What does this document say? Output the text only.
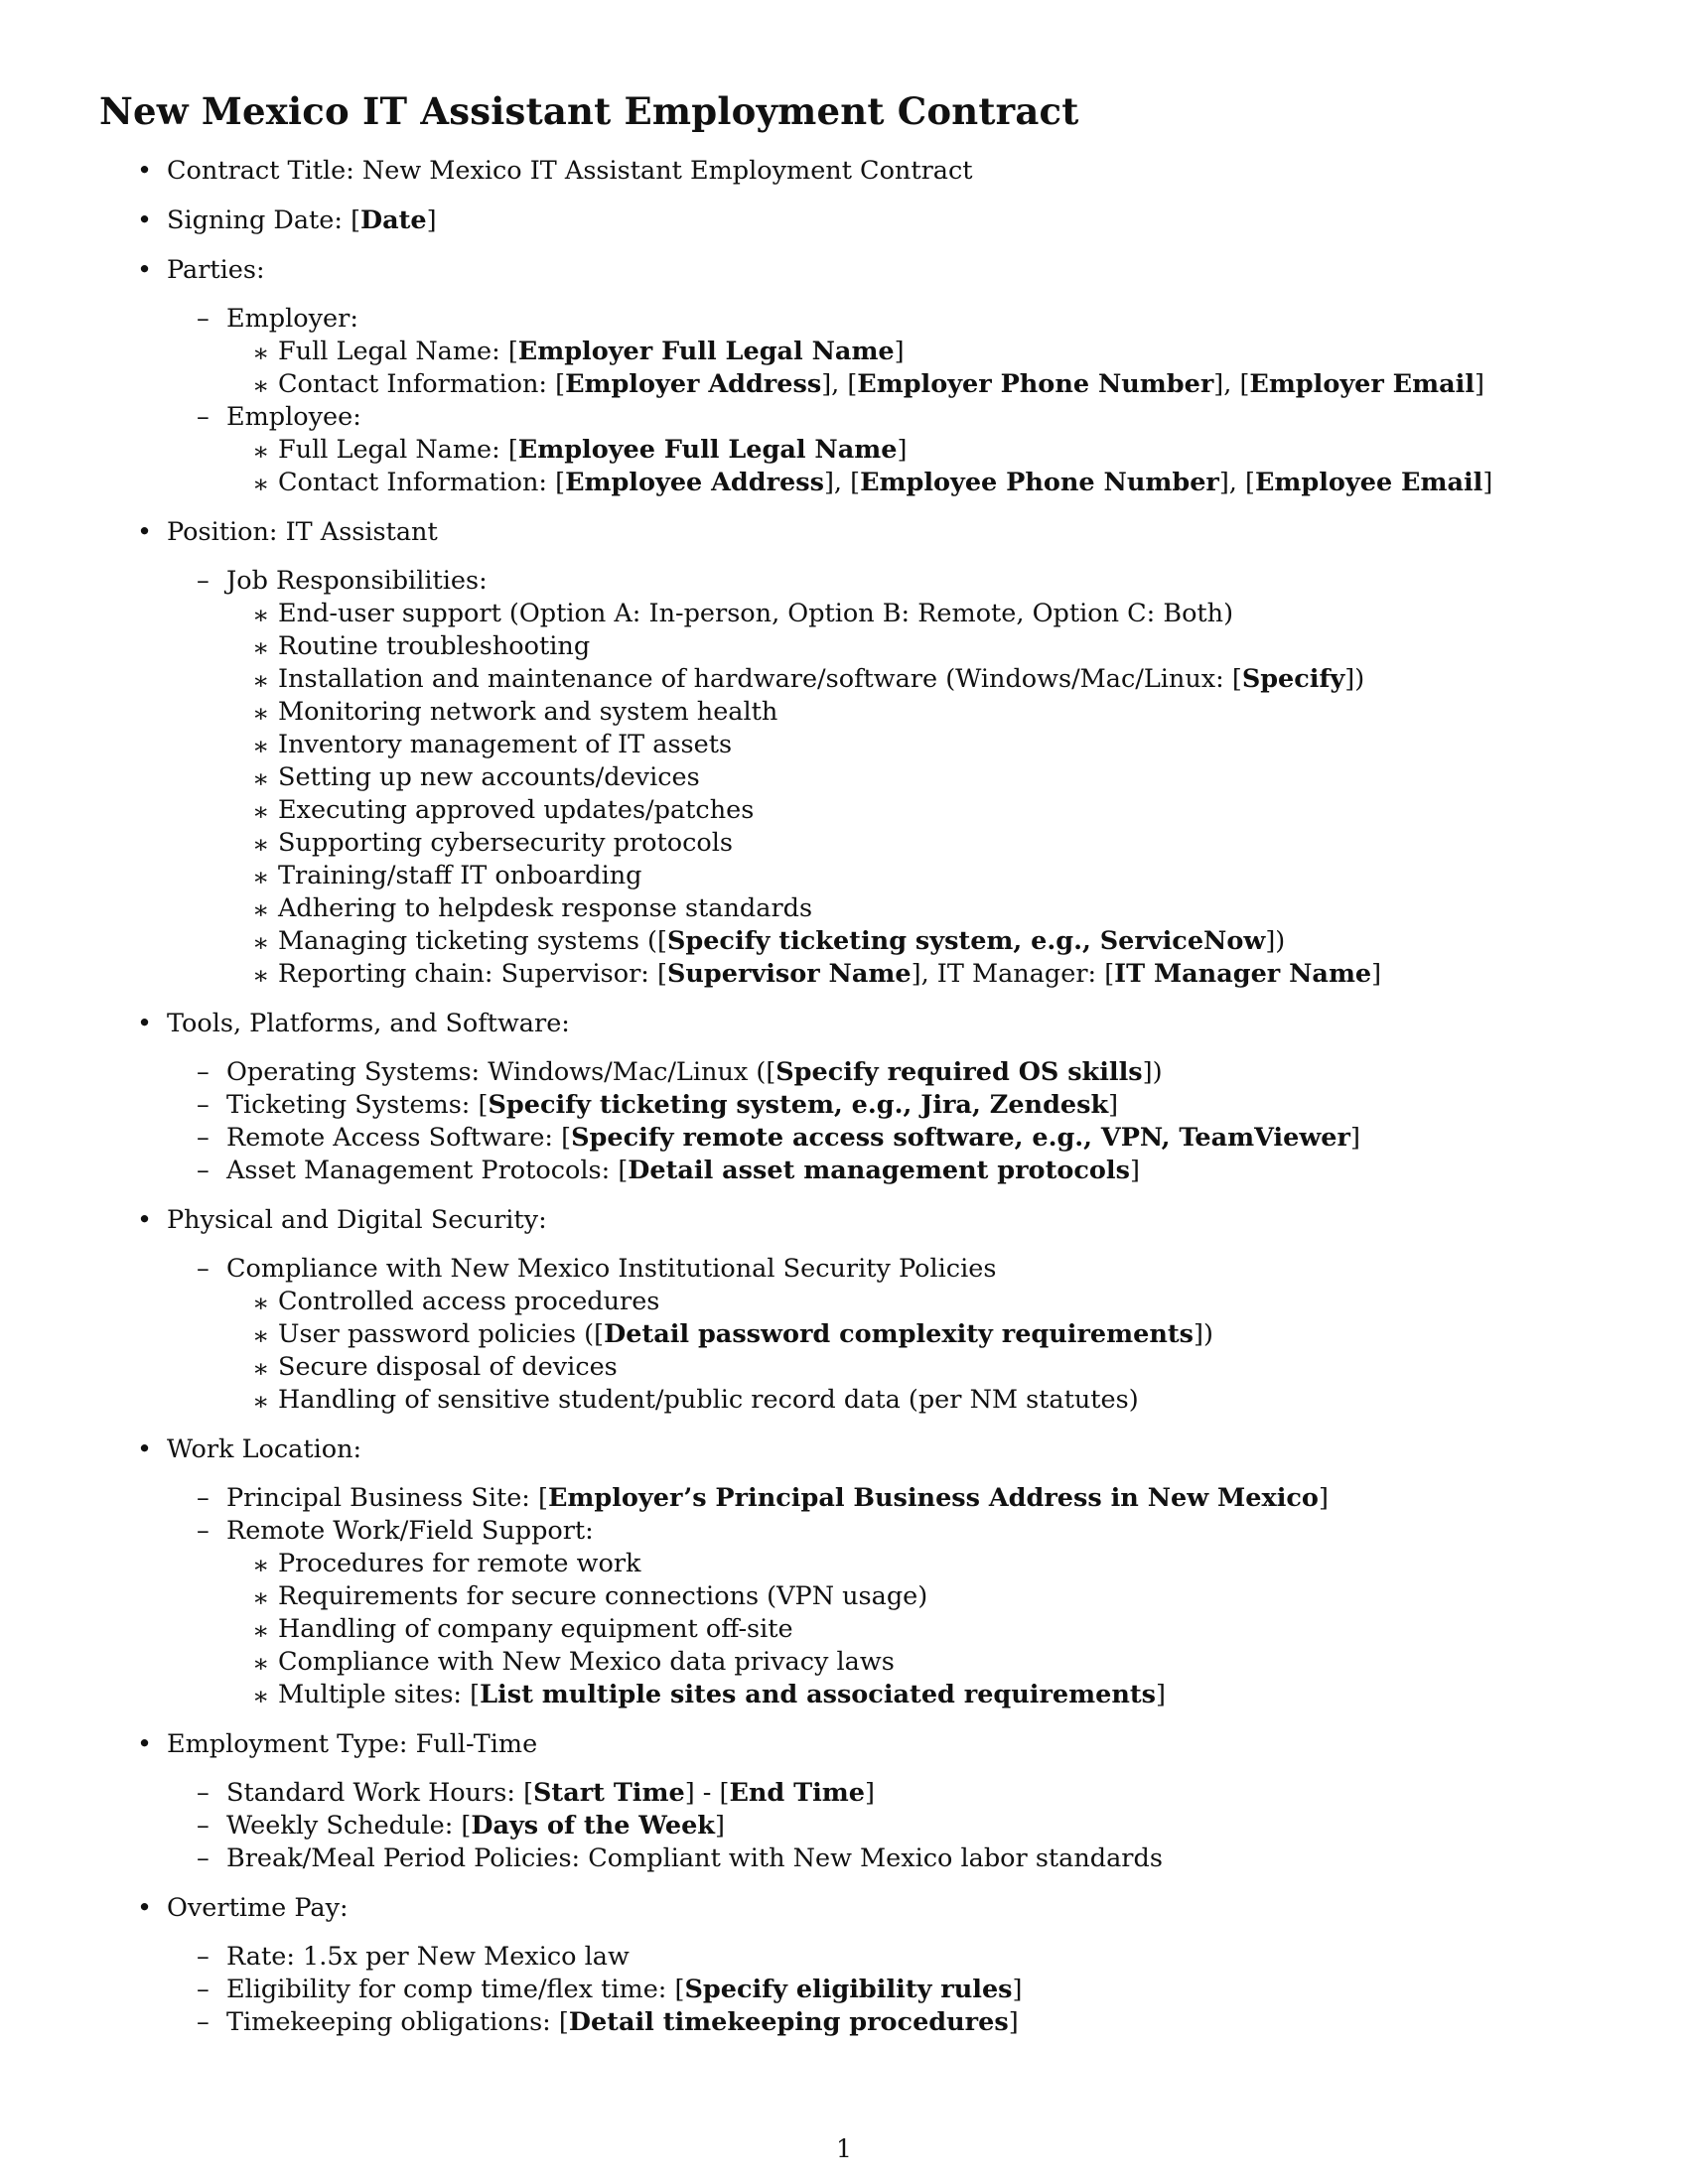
New Mexico IT Assistant Employment Contract
• Contract Title: New Mexico IT Assistant Employment Contract
• Signing Date: [Date]
• Parties:
– Employer:
∗ Full Legal Name: [Employer Full Legal Name]
∗ Contact Information: [Employer Address], [Employer Phone Number], [Employer Email]
– Employee:
∗ Full Legal Name: [Employee Full Legal Name]
∗ Contact Information: [Employee Address], [Employee Phone Number], [Employee Email]
• Position: IT Assistant
– Job Responsibilities:
∗ End-user support (Option A: In-person, Option B: Remote, Option C: Both)
∗ Routine troubleshooting
∗ Installation and maintenance of hardware/software (Windows/Mac/Linux: [Specify])
∗ Monitoring network and system health
∗ Inventory management of IT assets
∗ Setting up new accounts/devices
∗ Executing approved updates/patches
∗ Supporting cybersecurity protocols
∗ Training/staff IT onboarding
∗ Adhering to helpdesk response standards
∗ Managing ticketing systems ([Specify ticketing system, e.g., ServiceNow])
∗ Reporting chain: Supervisor: [Supervisor Name], IT Manager: [IT Manager Name]
• Tools, Platforms, and Software:
– Operating Systems: Windows/Mac/Linux ([Specify required OS skills])
– Ticketing Systems: [Specify ticketing system, e.g., Jira, Zendesk]
– Remote Access Software: [Specify remote access software, e.g., VPN, TeamViewer]
– Asset Management Protocols: [Detail asset management protocols]
• Physical and Digital Security:
– Compliance with New Mexico Institutional Security Policies
∗ Controlled access procedures
∗ User password policies ([Detail password complexity requirements])
∗ Secure disposal of devices
∗ Handling of sensitive student/public record data (per NM statutes)
• Work Location:
– Principal Business Site: [Employer’s Principal Business Address in New Mexico]
– Remote Work/Field Support:
∗ Procedures for remote work
∗ Requirements for secure connections (VPN usage)
∗ Handling of company equipment off-site
∗ Compliance with New Mexico data privacy laws
∗ Multiple sites: [List multiple sites and associated requirements]
• Employment Type: Full-Time
– Standard Work Hours: [Start Time] - [End Time]
– Weekly Schedule: [Days of the Week]
– Break/Meal Period Policies: Compliant with New Mexico labor standards
• Overtime Pay:
– Rate: 1.5x per New Mexico law
– Eligibility for comp time/flex time: [Specify eligibility rules]
– Timekeeping obligations: [Detail timekeeping procedures]
1
